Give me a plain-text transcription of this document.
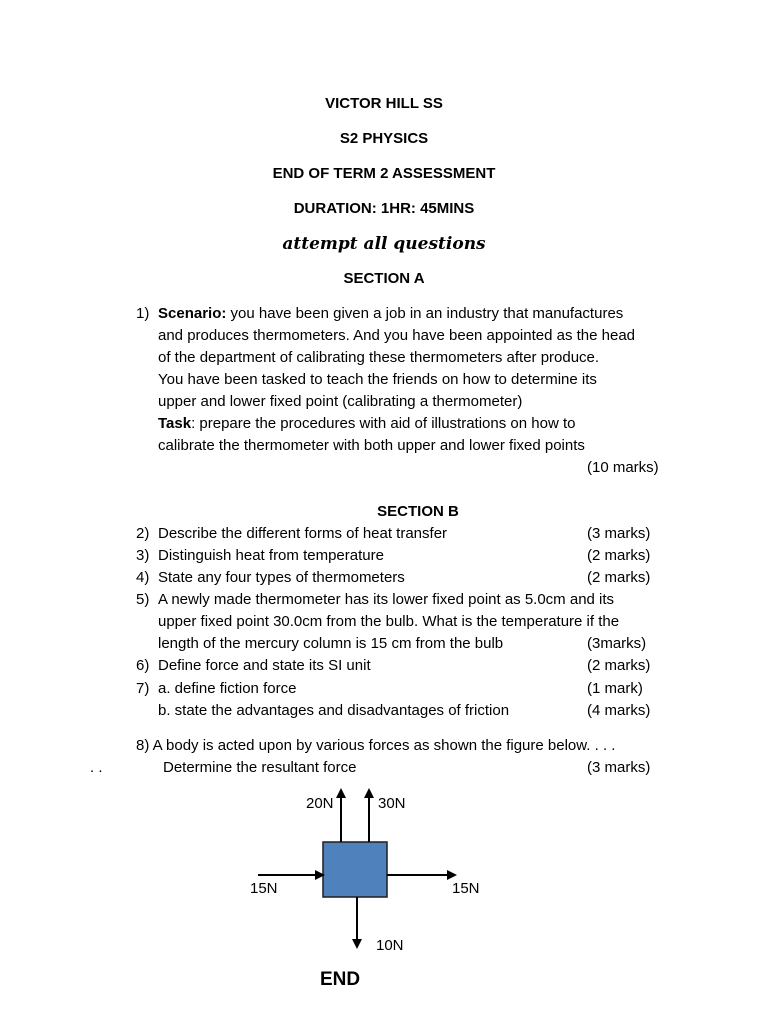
VICTOR HILL SS
S2 PHYSICS
END OF TERM 2 ASSESSMENT
DURATION: 1HR: 45MINS
attempt all questions
SECTION A
1) Scenario: you have been given a job in an industry that manufactures
and produces thermometers. And you have been appointed as the head
of the department of calibrating these thermometers after produce.
You have been tasked to teach the friends on how to determine its
upper and lower fixed point (calibrating a thermometer)
Task: prepare the procedures with aid of illustrations on how to
calibrate the thermometer with both upper and lower fixed points
(10 marks)
SECTION B
2) Describe the different forms of heat transfer	(3 marks)
3) Distinguish heat from temperature	(2 marks)
4) State any four types of thermometers	(2 marks)
5) A newly made thermometer has its lower fixed point as 5.0cm and its
upper fixed point 30.0cm from the bulb. What is the temperature if the
length of the mercury column is 15 cm from the bulb	(3marks)
6) Define force and state its SI unit	(2 marks)
7) a. define fiction force	(1 mark)
b. state the advantages and disadvantages of friction	(4 marks)
8) A body is acted upon by various forces as shown the figure below. . . .
. .	Determine the resultant force	(3 marks)
20N	30N
15N	15N
10N
END
